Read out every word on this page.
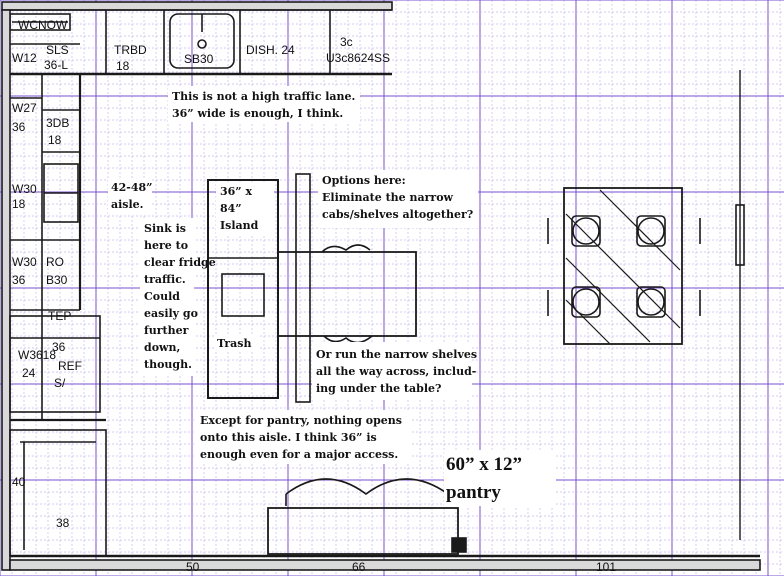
WCNOW
SLS
W12 36-L
TRBD
18	SB30
DISH. 24
3c
U3c8624SS
W27
36 3DB
18
W30
18
W30
36
RO
B30
TEP
W3618
36
24 REF
S/
40
38
50	66	101
This is not a high traffic lane.
36” wide is enough, I think.
42-48”
aisle.
Sink is
here to
clear fridge
traffic.
Could
easily go
further
down,
though.
36” x
84”
Island
Trash
Options here:
Eliminate the narrow
cabs/shelves altogether?
Or run the narrow shelves
all the way across, includ-
ing under the table?
Except for pantry, nothing opens
onto this aisle. I think 36” is
enough even for a major access.	60” x 12”
pantry
